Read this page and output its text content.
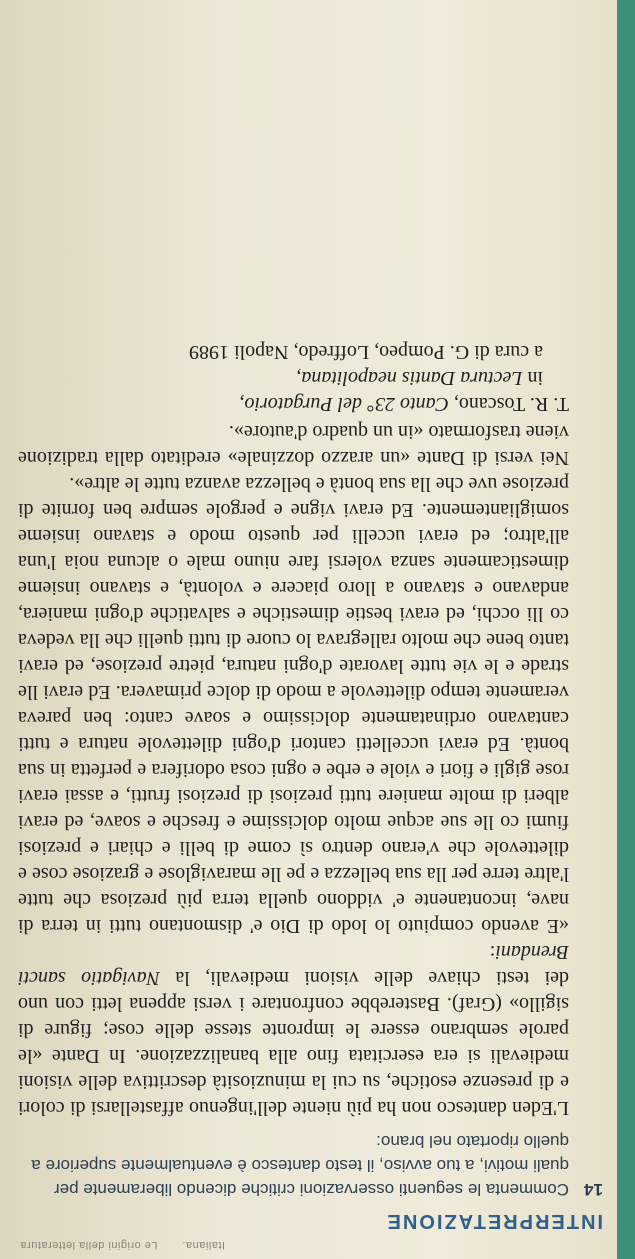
Italiana.
Le origini della letteratura
INTERPRETAZIONE
14

Commenta le seguenti osservazioni critiche dicendo liberamente per quali motivi, a tuo avviso, il testo dantesco è eventualmente superiore a quello riportato nel brano:

L'Eden dantesco non ha più niente dell'ingenuo affastellarsi di colori e di presenze esotiche, su cui la minuziosità descrittiva delle visioni medievali si era esercitata fino alla banalizzazione. In Dante «le parole sembrano essere le impronte stesse delle cose; figure di sigillo» (Graf). Basterebbe confrontare i versi appena letti con uno dei testi chiave delle visioni medievali, la Navigatio sancti Brendani:

«E avendo compiuto lo lodo di Dio e' dismontano tutti in terra di nave, incontanente e' viddono quella terra più preziosa che tutte l'altre terre per lla sua bellezza e pe lle maraviglose e graziose cose e dilettevole che v'erano dentro sì come di belli e chiari e preziosi fiumi co lle sue acque molto dolcissime e fresche e soave, ed eravi alberi di molte maniere tutti preziosi di preziosi frutti, e assai eravi rose gigli e fiori e viole e erbe e ogni cosa odorifera e perfetta in sua bontà. Ed eravi uccelletti cantori d'ogni dilettevole natura e tutti cantavano ordinatamente dolcissimo e soave canto: ben pareva veramente tempo dilettevole a modo di dolce primavera. Ed eravi lle strade e le vie tutte lavorate d'ogni natura, pietre preziose, ed eravi tanto bene che molto rallegrava lo cuore di tutti quelli che lla vedeva co lli occhi, ed eravi bestie dimestiche e salvatiche d'ogni maniera, andavano e stavano a lloro piacere e volontà, e stavano insieme dimesticamente sanza volersi fare niuno male o alcuna noia l'una all'altro; ed eravi uccelli per questo modo e stavano insieme somigliantemente. Ed eravi vigne e pergole sempre ben fornite di preziose uve che lla sua bontà e bellezza avanza tutte le altre».

Nei versi di Dante «un arazzo dozzinale» ereditato dalla tradizione viene trasformato «in un quadro d'autore».

T. R. Toscano, Canto 23° del Purgatorio,
in Lectura Dantis neapolitana,
a cura di G. Pompeo, Loffredo, Napoli 1989
